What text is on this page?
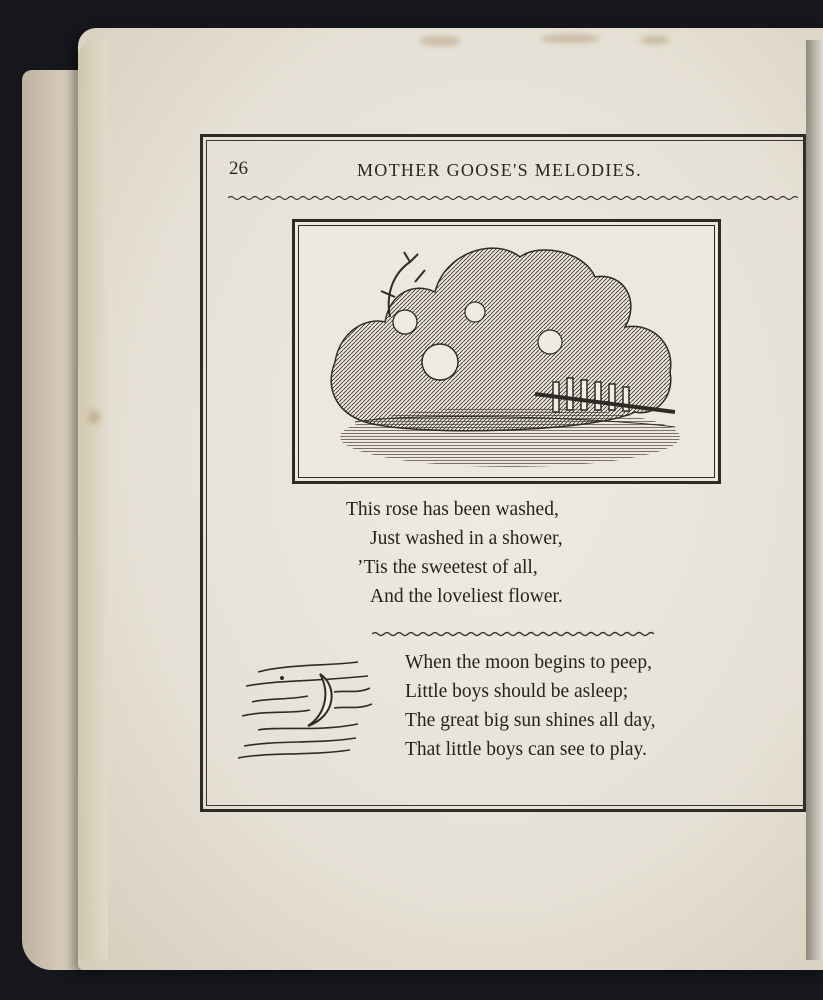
26	MOTHER GOOSE'S MELODIES.
This rose has been washed,
Just washed in a shower,
’Tis the sweetest of all,
And the loveliest flower.
When the moon begins to peep,
Little boys should be asleep;
The great big sun shines all day,
That little boys can see to play.
